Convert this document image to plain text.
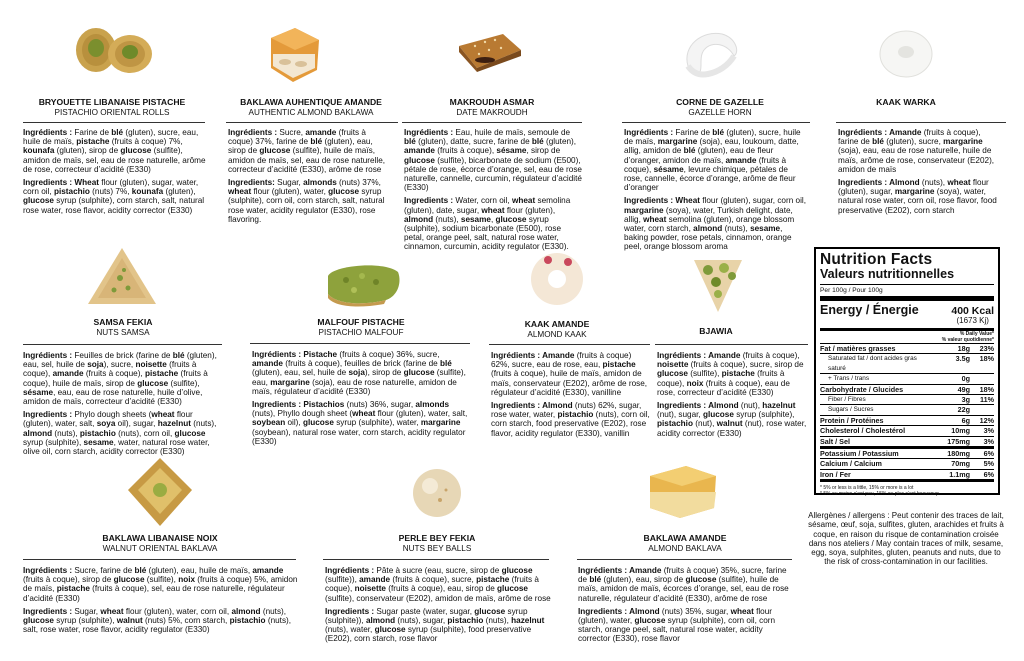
BRYOUETTE LIBANAISE PISTACHE
PISTACHIO ORIENTAL ROLLS

Ingrédients : Farine de blé (gluten), sucre, eau, huile de maïs, pistache (fruits à coque) 7%, kounafa (gluten), sirop de glucose (sulfite), amidon de maïs, sel, eau de rose naturelle, arôme de rose, correcteur d’acidité (E330)

Ingredients : Wheat flour (gluten), sugar, water, corn oil, pistachio (nuts) 7%, kounafa (gluten), glucose syrup (sulphite), corn starch, salt, natural rose water, rose flavor, acidity corrector (E330)

BAKLAWA AUHENTIQUE AMANDE
AUTHENTIC ALMOND BAKLAWA

Ingrédients : Sucre, amande (fruits à coque) 37%, farine de blé (gluten), eau, sirop de glucose (sulfite), huile de maïs, amidon de maïs, sel, eau de rose naturelle, correcteur d’acidité (E330), arôme de rose

Ingredients: Sugar, almonds (nuts) 37%, wheat flour (gluten), water, glucose syrup (sulphite), corn oil, corn starch, salt, natural rose water, acidity regulator (E330), rose flavoring.

MAKROUDH ASMAR
DATE MAKROUDH

Ingrédients : Eau, huile de maïs, semoule de blé (gluten), datte, sucre, farine de blé (gluten), amande (fruits à coque), sésame, sirop de glucose (sulfite), bicarbonate de sodium (E500), pétale de rose, écorce d’orange, sel, eau de rose naturelle, cannelle, curcumin, régulateur d’acidité (E330)

Ingredients : Water, corn oil, wheat semolina (gluten), date, sugar, wheat flour (gluten), almond (nuts), sesame, glucose syrup (sulphite), sodium bicarbonate (E500), rose petal, orange peel, salt, natural rose water, cinnamon, curcumin, acidity regulator (E330).

CORNE DE GAZELLE
GAZELLE HORN

Ingrédients : Farine de blé (gluten), sucre, huile de maïs, margarine (soja), eau, loukoum, datte, allig, amidon de blé (gluten), eau de fleur d’oranger, amidon de maïs, amande (fruits à coque), sésame, levure chimique, pétales de rose, cannelle, écorce d’orange, arôme de fleur d’oranger

Ingredients : Wheat flour (gluten), sugar, corn oil, margarine (soya), water, Turkish delight, date, allig, wheat semolina (gluten), orange blossom water, corn starch, almond (nuts), sesame, baking powder, rose petals, cinnamon, orange peel, orange blossom aroma

KAAK WARKA

Ingrédients : Amande (fruits à coque), farine de blé (gluten), sucre, margarine (soja), eau, eau de rose naturelle, huile de maïs, arôme de rose, conservateur (E202), amidon de maïs

Ingredients : Almond (nuts), wheat flour (gluten), sugar, margarine (soya), water, natural rose water, corn oil, rose flavor, food preservative (E202), corn starch

SAMSA FEKIA
NUTS SAMSA

Ingrédients : Feuilles de brick (farine de blé (gluten), eau, sel, huile de soja), sucre, noisette (fruits à coque), amande (fruits à coque), pistache (fruits à coque), huile de maïs, sirop de glucose (sulfite), sésame, eau, eau de rose naturelle, huile d’olive, amidon de maïs, correcteur d’acidité (E330)

Ingredients : Phylo dough sheets (wheat flour (gluten), water, salt, soya oil), sugar, hazelnut (nuts), almond (nuts), pistachio (nuts), corn oil, glucose syrup (sulphite), sesame, water, natural rose water, olive oil, corn starch, acidity corrector (E330)

MALFOUF PISTACHE
PISTACHIO MALFOUF

Ingrédients : Pistache (fruits à coque) 36%, sucre, amande (fruits à coque), feuilles de brick (farine de blé (gluten), eau, sel, huile de soja), sirop de glucose (sulfite), eau, margarine (soja), eau de rose naturelle, amidon de maïs, régulateur d’acidité (E330)

Ingredients : Pistachios (nuts) 36%, sugar, almonds (nuts), Phyllo dough sheet (wheat flour (gluten), water, salt, soybean oil), glucose syrup (sulphite), water, margarine (soybean), natural rose water, corn starch, acidity regulator (E330)

KAAK AMANDE
ALMOND KAAK

Ingrédients : Amande (fruits à coque) 62%, sucre, eau de rose, eau, pistache (fruits à coque), huile de maïs, amidon de maïs, conservateur (E202), arôme de rose, régulateur d’acidité (E330), vanilline

Ingredients : Almond (nuts) 62%, sugar, rose water, water, pistachio (nuts), corn oil, corn starch, food preservative (E202), rose flavor, acidity regulator (E330), vanillin

BJAWIA

Ingrédients : Amande (fruits à coque), noisette (fruits à coque), sucre, sirop de glucose (sulfite), pistache (fruits à coque), noix (fruits à coque), eau de rose, correcteur d’acidité (E330)

Ingredients : Almond (nut), hazelnut (nut), sugar, glucose syrup (sulphite), pistachio (nut), walnut (nut), rose water, acidity corrector (E330)

BAKLAWA LIBANAISE NOIX
WALNUT ORIENTAL BAKLAVA

Ingrédients : Sucre, farine de blé (gluten), eau, huile de maïs, amande (fruits à coque), sirop de glucose (sulfite), noix (fruits à coque) 5%, amidon de maïs, pistache (fruits à coque), sel, eau de rose naturelle, régulateur d’acidité (E330)

Ingredients : Sugar, wheat flour (gluten), water, corn oil, almond (nuts), glucose syrup (sulphite), walnut (nuts) 5%, corn starch, pistachio (nuts), salt, rose water, rose flavor, acidity regulator (E330)

PERLE BEY FEKIA
NUTS BEY BALLS

Ingrédients : Pâte à sucre (eau, sucre, sirop de glucose (sulfite)), amande (fruits à coque), sucre, pistache (fruits à coque), noisette (fruits à coque), eau, sirop de glucose (sulfite), conservateur (E202), amidon de maïs, arôme de rose

Ingredients : Sugar paste (water, sugar, glucose syrup (sulphite)), almond (nuts), sugar, pistachio (nuts), hazelnut (nuts), water, glucose syrup (sulphite), food preservative (E202), corn starch, rose flavor

BAKLAWA AMANDE
ALMOND BAKLAVA

Ingrédients : Amande (fruits à coque) 35%, sucre, farine de blé (gluten), eau, sirop de glucose (sulfite), huile de maïs, amidon de maïs, écorces d’orange, sel, eau de rose naturelle, régulateur d’acidité (E330), arôme de rose

Ingredients : Almond (nuts) 35%, sugar, wheat flour (gluten), water, glucose syrup (sulphite), corn oil, corn starch, orange peel, salt, natural rose water, acidity corrector (E330), rose flavor

Nutrition Facts
Valeurs nutritionnelles
Per 100g / Pour 100g
Energy / Énergie	400 Kcal
(1673 Kj)
% Daily Value*
% valeur quotidienne*
Fat / matières grasses	18g	23%
Saturated fat / dont acides gras saturé
3.5g	18%
+ Trans / trans	0g
Carbohydrate / Glucides	49g	18%
Fiber / Fibres	3g	11%
Sugars / Sucres	22g
Protein / Protéines	6g	12%
Cholesterol / Cholestérol	10mg	3%
Salt / Sel	175mg	3%
Potassium / Potassium	180mg	6%
Calcium / Calcium	70mg	5%
Iron / Fer	1.1mg	6%
* 5% or less is a little, 15% or more is a lot
* 5% ou moins c’est peu, 15% ou plus c’est beaucoup
Allergènes / allergens : Peut contenir des traces de lait, sésame, œuf, soja, sulfites, gluten, arachides et fruits à coque, en raison du risque de contamination croisée dans nos ateliers / May contain traces of milk, sesame, egg, soya, sulphites, gluten, peanuts and nuts, due to the risk of cross-contamination in our facilities.
